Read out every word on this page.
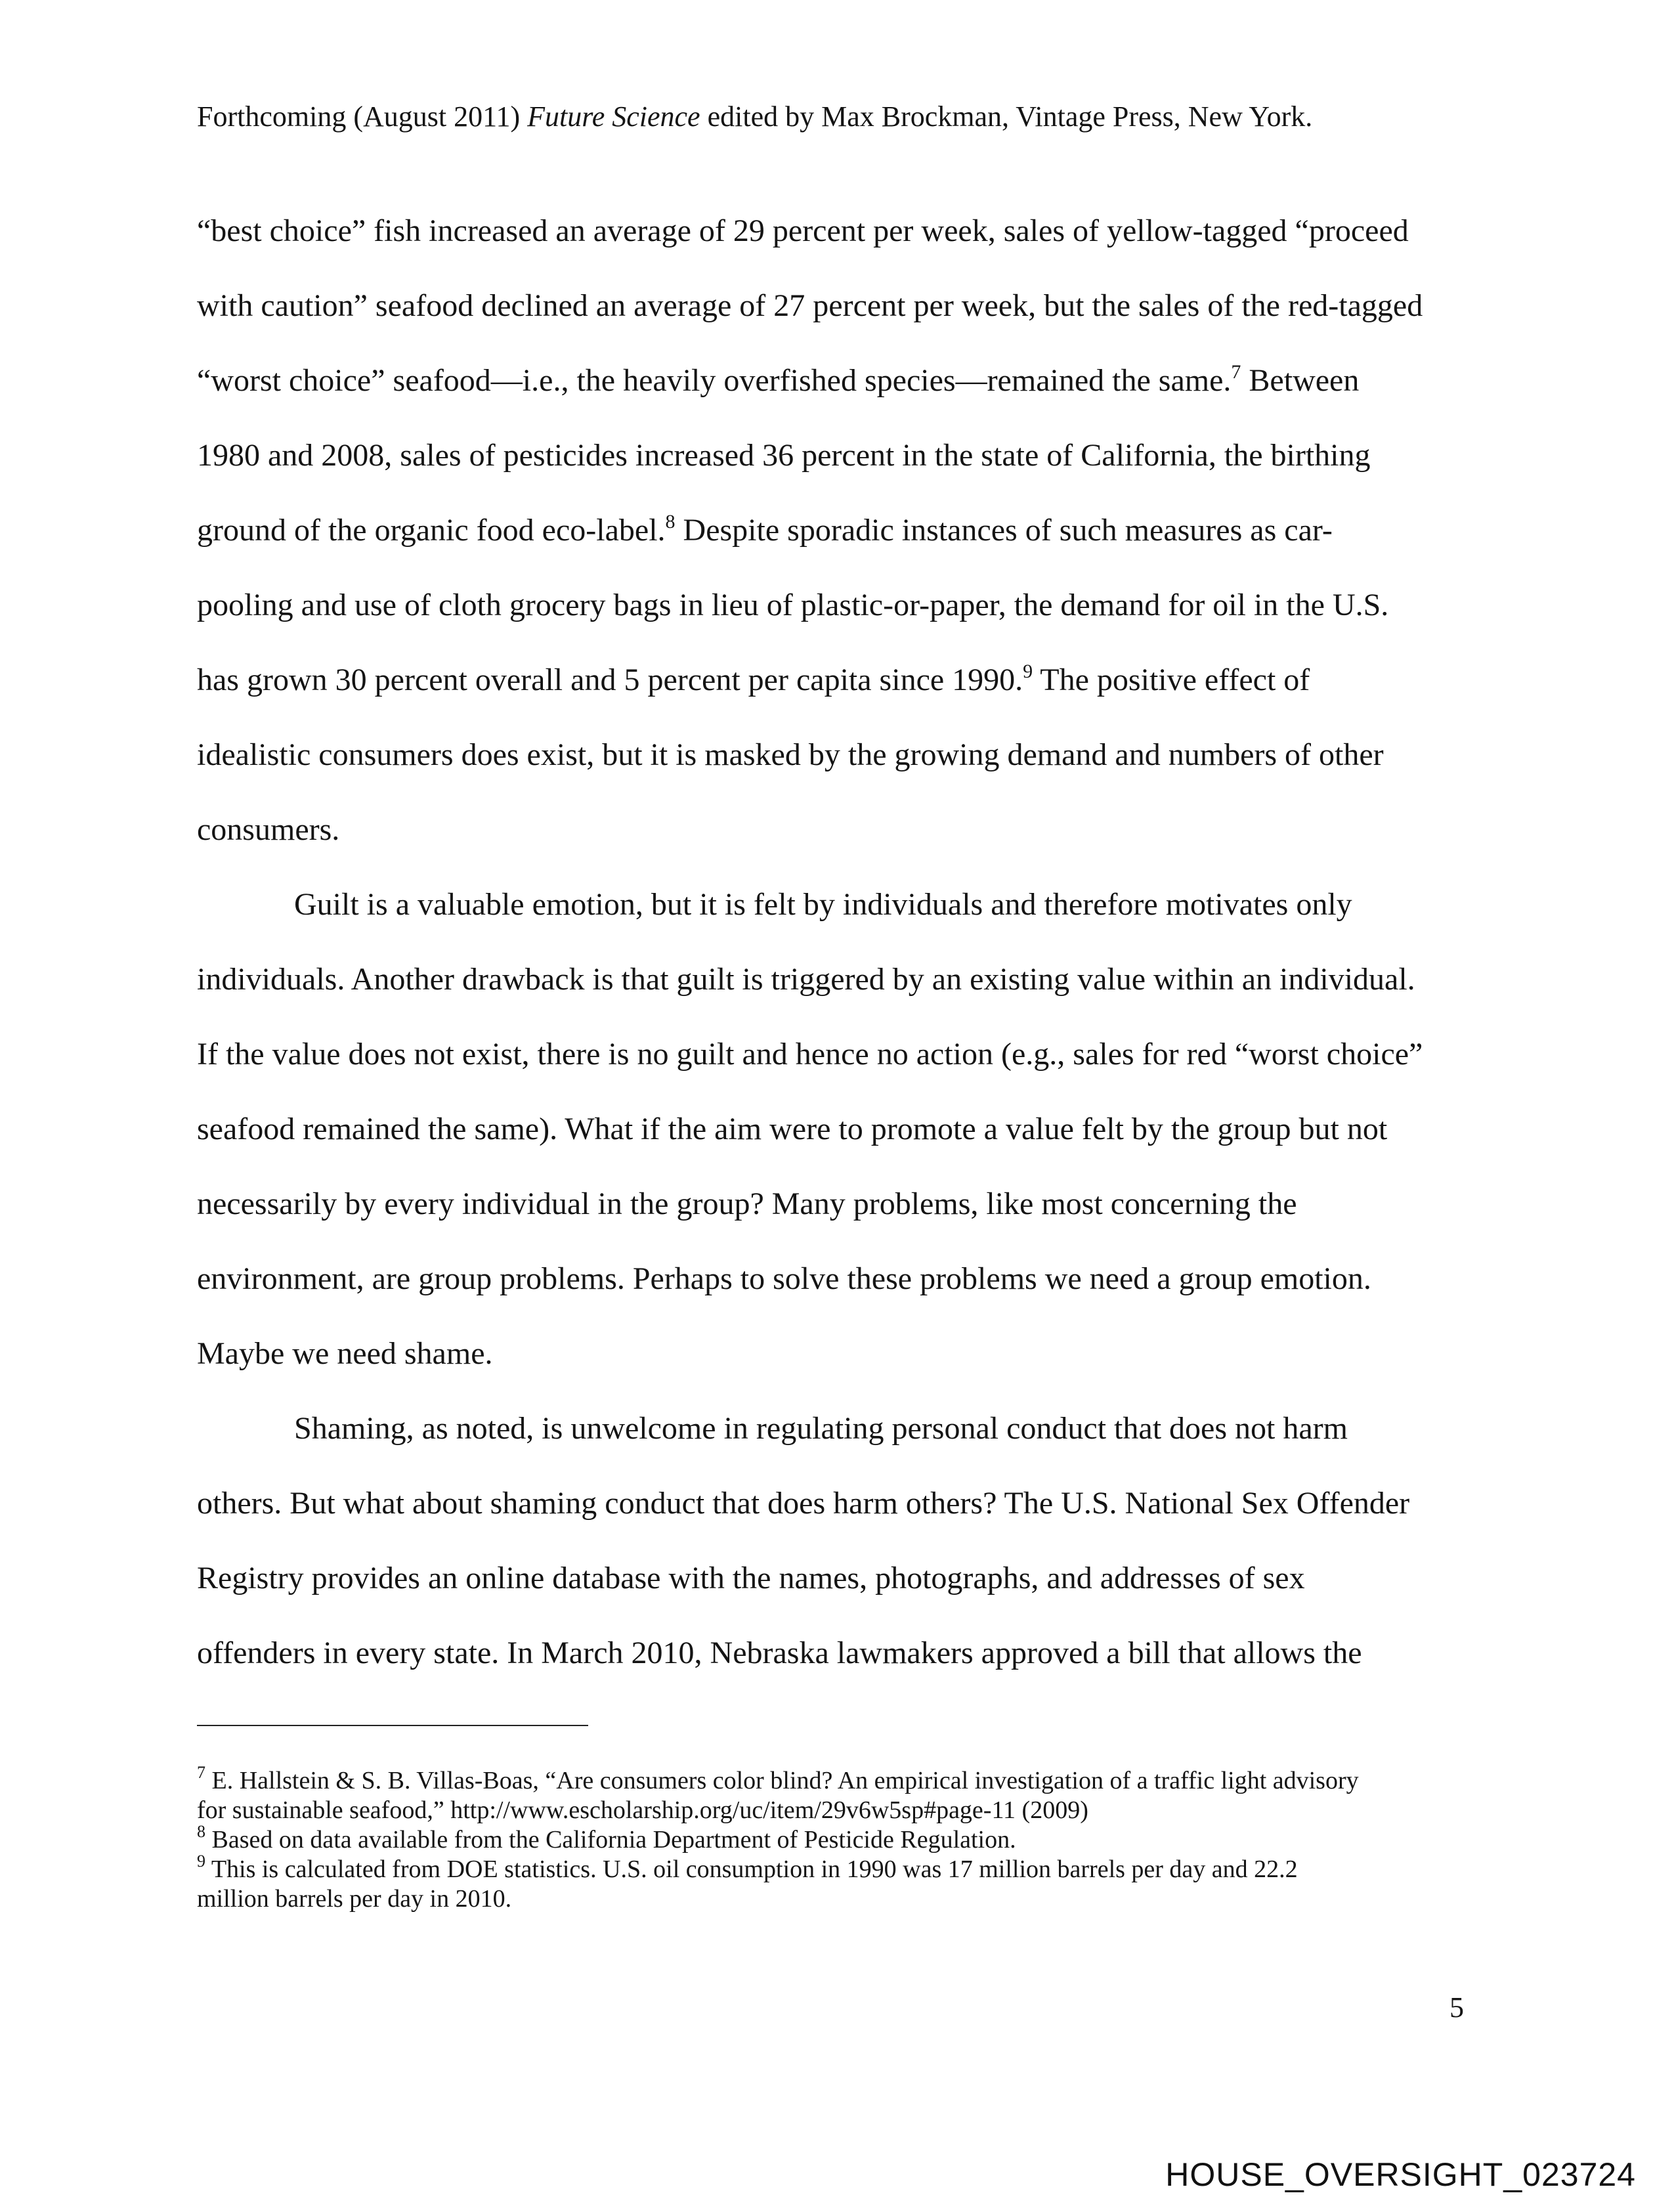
Forthcoming (August 2011) Future Science edited by Max Brockman, Vintage Press, New York.
“best choice” fish increased an average of 29 percent per week, sales of yellow-tagged “proceed
with caution” seafood declined an average of 27 percent per week, but the sales of the red-tagged
“worst choice” seafood—i.e., the heavily overfished species—remained the same.$^7$ Between
1980 and 2008, sales of pesticides increased 36 percent in the state of California, the birthing
ground of the organic food eco-label.$^8$ Despite sporadic instances of such measures as car-
pooling and use of cloth grocery bags in lieu of plastic-or-paper, the demand for oil in the U.S.
has grown 30 percent overall and 5 percent per capita since 1990.$^9$ The positive effect of
idealistic consumers does exist, but it is masked by the growing demand and numbers of other
consumers.
Guilt is a valuable emotion, but it is felt by individuals and therefore motivates only
individuals. Another drawback is that guilt is triggered by an existing value within an individual.
If the value does not exist, there is no guilt and hence no action (e.g., sales for red “worst choice”
seafood remained the same). What if the aim were to promote a value felt by the group but not
necessarily by every individual in the group? Many problems, like most concerning the
environment, are group problems. Perhaps to solve these problems we need a group emotion.
Maybe we need shame.
Shaming, as noted, is unwelcome in regulating personal conduct that does not harm
others. But what about shaming conduct that does harm others? The U.S. National Sex Offender
Registry provides an online database with the names, photographs, and addresses of sex
offenders in every state. In March 2010, Nebraska lawmakers approved a bill that allows the
$^7$ E. Hallstein & S. B. Villas-Boas, “Are consumers color blind? An empirical investigation of a traffic light advisory
for sustainable seafood,” http://www.escholarship.org/uc/item/29v6w5sp#page-11 (2009)
$^8$ Based on data available from the California Department of Pesticide Regulation.
$^9$ This is calculated from DOE statistics. U.S. oil consumption in 1990 was 17 million barrels per day and 22.2
million barrels per day in 2010.
5
HOUSE_OVERSIGHT_023724
